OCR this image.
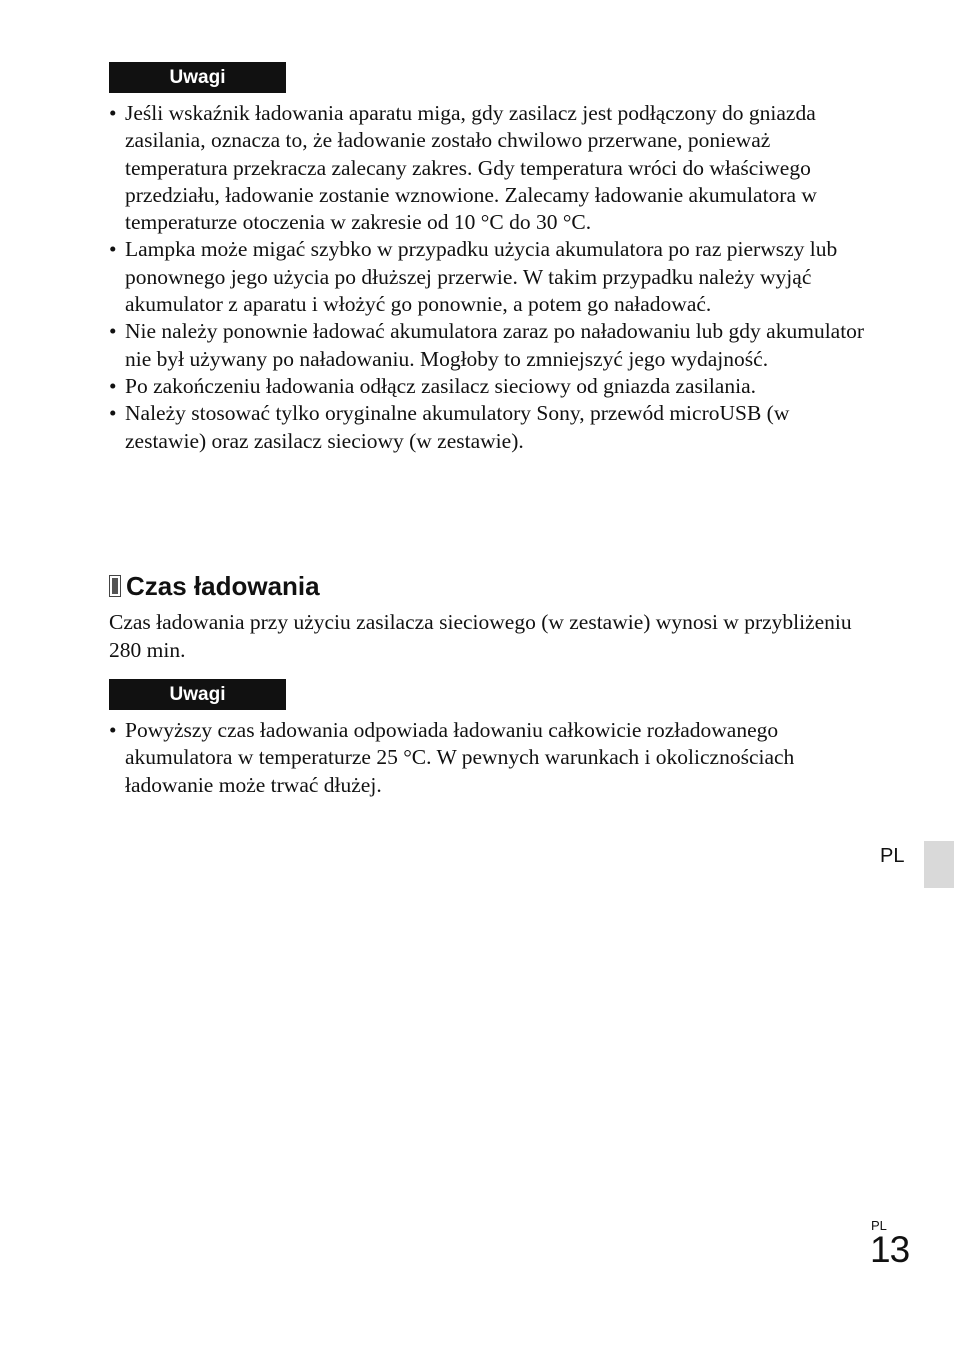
Uwagi
• Jeśli wskaźnik ładowania aparatu miga, gdy zasilacz jest podłączony do gniazda zasilania, oznacza to, że ładowanie zostało chwilowo przerwane, ponieważ temperatura przekracza zalecany zakres. Gdy temperatura wróci do właściwego przedziału, ładowanie zostanie wznowione. Zalecamy ładowanie akumulatora w temperaturze otoczenia w zakresie od 10 °C do 30 °C.
• Lampka może migać szybko w przypadku użycia akumulatora po raz pierwszy lub ponownego jego użycia po dłuższej przerwie. W takim przypadku należy wyjąć akumulator z aparatu i włożyć go ponownie, a potem go naładować.
• Nie należy ponownie ładować akumulatora zaraz po naładowaniu lub gdy akumulator nie był używany po naładowaniu. Mogłoby to zmniejszyć jego wydajność.
• Po zakończeniu ładowania odłącz zasilacz sieciowy od gniazda zasilania.
• Należy stosować tylko oryginalne akumulatory Sony, przewód microUSB (w zestawie) oraz zasilacz sieciowy (w zestawie).
Czas ładowania

Czas ładowania przy użyciu zasilacza sieciowego (w zestawie) wynosi w przybliżeniu 280 min.

Uwagi
• Powyższy czas ładowania odpowiada ładowaniu całkowicie rozładowanego akumulatora w temperaturze 25 °C. W pewnych warunkach i okolicznościach ładowanie może trwać dłużej.
PL
PL
13
